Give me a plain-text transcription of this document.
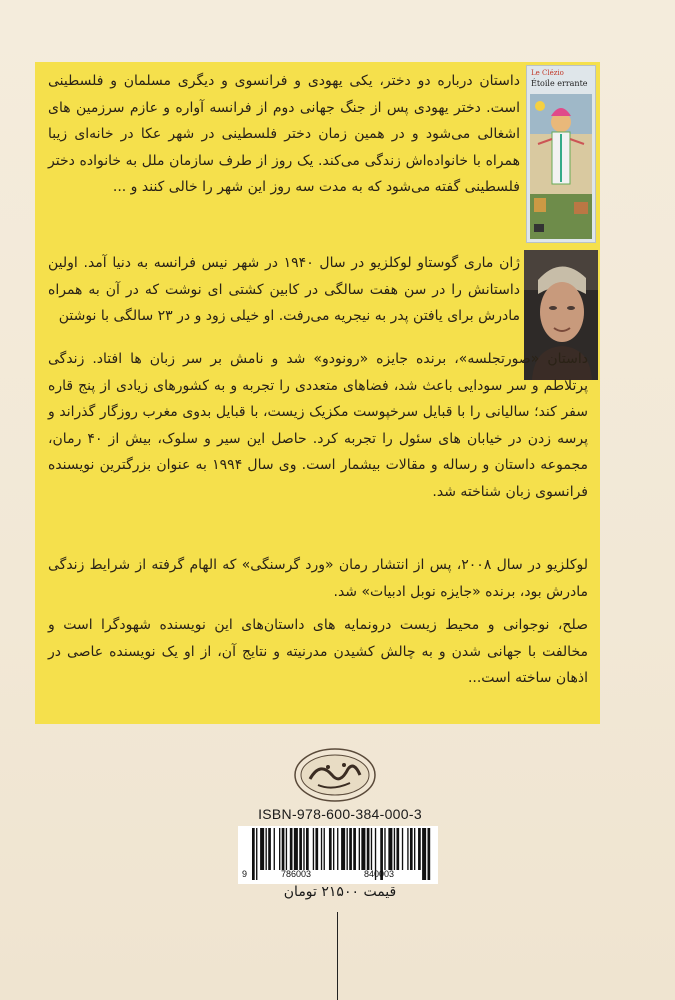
Le Clézio
Étoile errante
داستان درباره دو دختر، یکی یهودی و فرانسوی و دیگری مسلمان و فلسطینی است. دختر یهودی پس از جنگ جهانی دوم از فرانسه آواره و عازم سرزمین های اشغالی می‌شود و در همین زمان دختر فلسطینی در شهر عکا در خانه‌ای زیبا همراه با خانواده‌اش زندگی می‌کند. یک روز از طرف سازمان ملل به خانواده دختر فلسطینی گفته می‌شود که به مدت سه روز این شهر را خالی کنند و ...
ژان ماری گوستاو لوکلزیو در سال ۱۹۴۰ در شهر نیس فرانسه به دنیا آمد. اولین داستانش را در سن هفت سالگی در کابین کشتی ای نوشت که در آن به همراه مادرش برای یافتن پدر به نیجریه می‌رفت. او خیلی زود و در ۲۳ سالگی با نوشتن
داستان «صورتجلسه»، برنده جایزه «رونودو» شد و نامش بر سر زبان ها افتاد. زندگی پرتلاطم و سر سودایی باعث شد، فضاهای متعددی را تجربه و به کشورهای زیادی از پنج قاره سفر کند؛ سالیانی را با قبایل سرخپوست مکزیک زیست، با قبایل بدوی مغرب روزگار گذراند و پرسه زدن در خیابان های سئول را تجربه کرد. حاصل این سیر و سلوک، بیش از ۴۰ رمان، مجموعه داستان و رساله و مقالات بیشمار است. وی سال ۱۹۹۴ به عنوان بزرگترین نویسنده فرانسوی زبان شناخته شد.
لوکلزیو در سال ۲۰۰۸، پس از انتشار رمان «ورد گرسنگی» که الهام گرفته از شرایط زندگی مادرش بود، برنده «جایزه نوبل ادبیات» شد.
صلح، نوجوانی و محیط زیست درونمایه های داستان‌های این نویسنده شهودگرا است و مخالفت با جهانی شدن و به چالش کشیدن مدرنیته و نتایج آن، از او یک نویسنده عاصی در اذهان ساخته است...
ISBN-978-600-384-000-3
9	786003	840003
قیمت ۲۱۵۰۰ تومان
